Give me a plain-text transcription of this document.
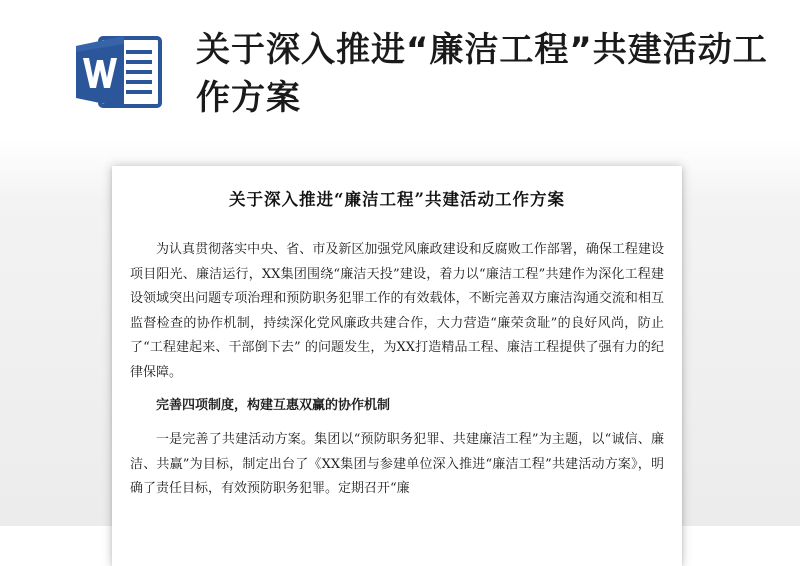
关于深入推进“廉洁工程”共建活动工作方案
关于深入推进“廉洁工程”共建活动工作方案

为认真贯彻落实中央、省、市及新区加强党风廉政建设和反腐败工作部署，确保工程建设项目阳光、廉洁运行，XX集团围绕“廉洁天投”建设，着力以“廉洁工程”共建作为深化工程建设领域突出问题专项治理和预防职务犯罪工作的有效载体，不断完善双方廉洁沟通交流和相互监督检查的协作机制，持续深化党风廉政共建合作，大力营造“廉荣贪耻”的良好风尚，防止了“工程建起来、干部倒下去” 的问题发生，为XX打造精品工程、廉洁工程提供了强有力的纪律保障。

完善四项制度，构建互惠双赢的协作机制

一是完善了共建活动方案。集团以“预防职务犯罪、共建廉洁工程”为主题，以“诚信、廉洁、共赢”为目标，制定出台了《XX集团与参建单位深入推进“廉洁工程”共建活动方案》，明确了责任目标，有效预防职务犯罪。定期召开“廉
